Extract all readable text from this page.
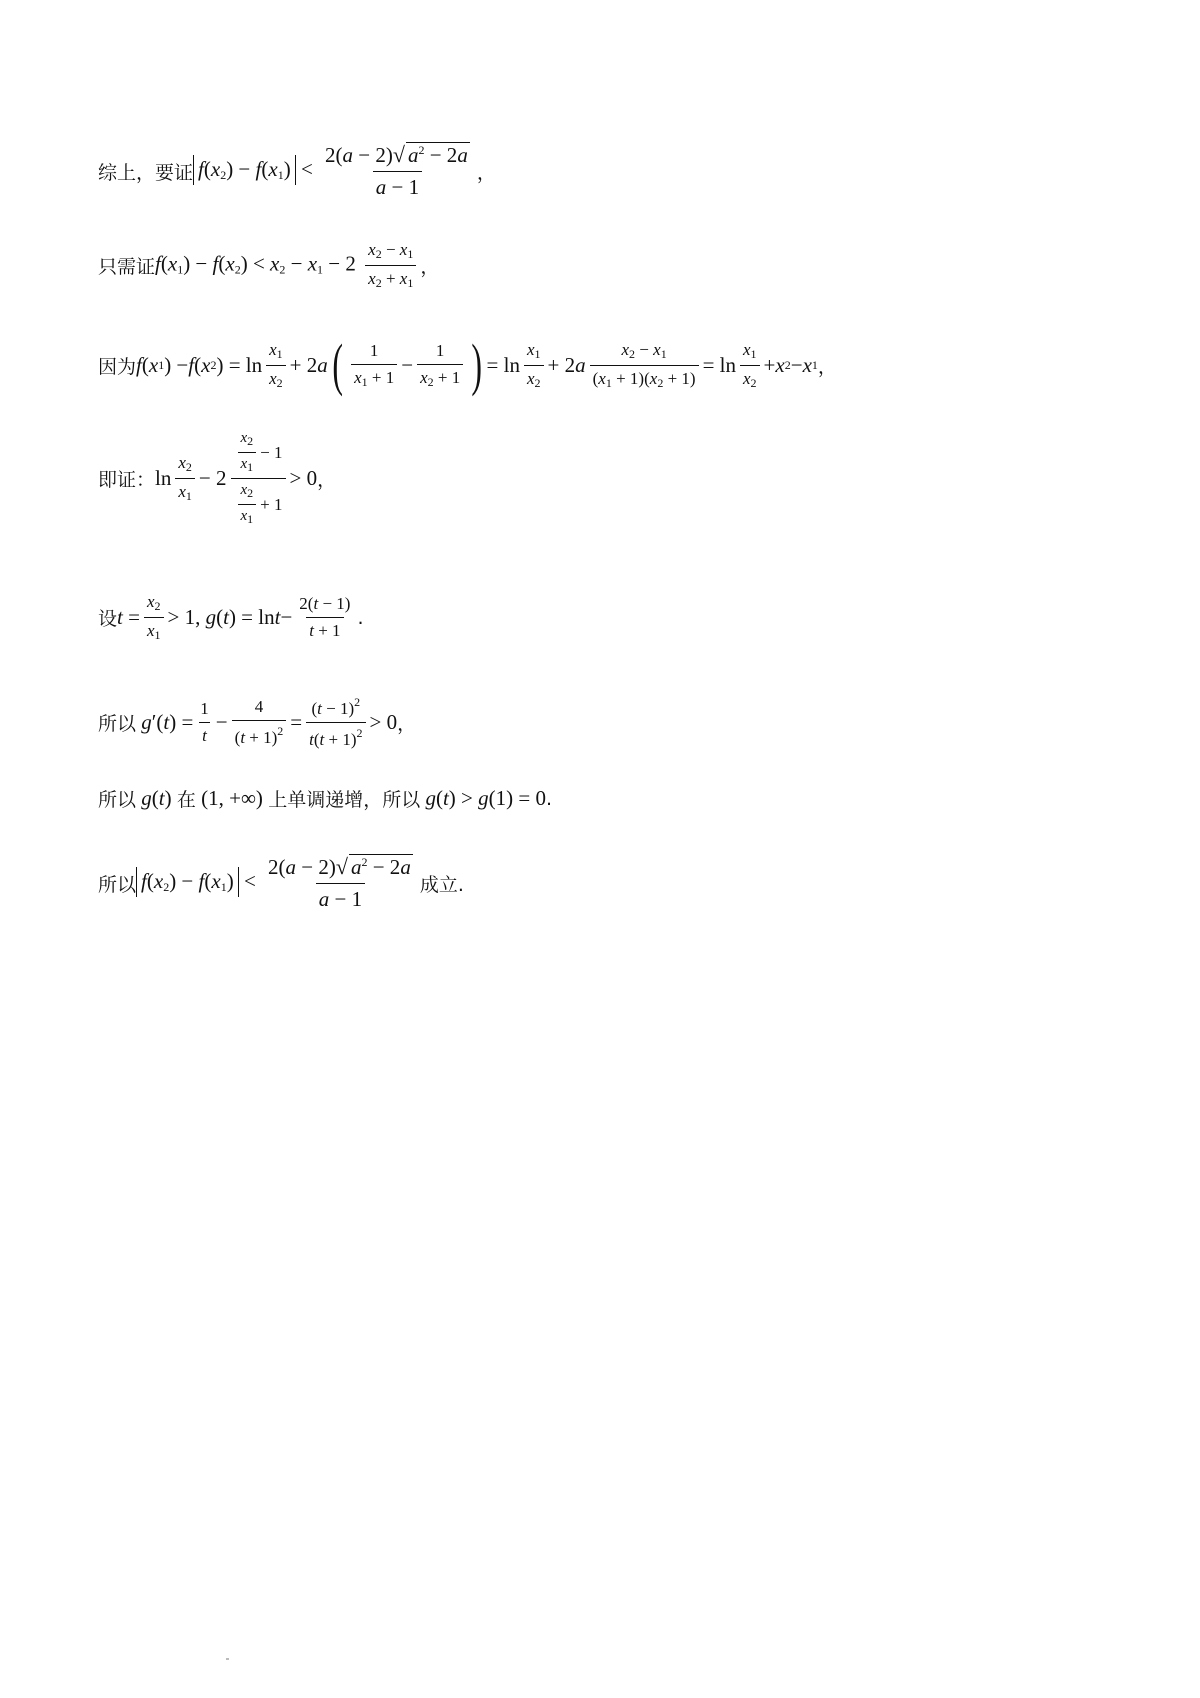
综上，要证 $f(x_2) - f(x_1) < \frac{2(a - 2)√ a^2 - 2a}{a - 1}$ ，
只需证 $f(x_1) - f(x_2) < x_2 - x_1 - 2 \frac{x_2 - x_1}{x_2 + x_1}$ ，
因为 f ( x 1 ) − f ( x 2 ) = $\ln \frac{x_1}{x_2} + 2$ a ( $\frac{1}{x_1 + 1} - \frac{1}{x_2 + 1}$ ) = $\ln \frac{x_1}{x_2} + 2$ a $\frac{x_2 - x_1}{(x_1 + 1)(x_2 + 1)} = \ln \frac{x_1}{x_2} + x$ 2 − x 1 ，
即证： $\ln \frac{x_2}{x_1} - 2 \frac{\frac{x_2}{x_1} - 1}{\frac{x_2}{x_1} + 1} > 0$ ，
设 $t = \frac{x_2}{x_1} > 1$, g ( t ) = $\ln t - \frac{2(t - 1)}{t + 1}$ .
所以
g ′( t ) = $\frac{1}{t} - \frac{4}{(t + 1)^2} = \frac{(t - 1)^2}{t(t + 1)^2} > 0$ ，
所以 g(t) 在 (1, +∞) 上单调递增，所以 g(t) > g(1) = 0 .
所以 $f(x_2) - f(x_1) < \frac{2(a - 2)√ a^2 - 2a}{a - 1}$ 成立.
